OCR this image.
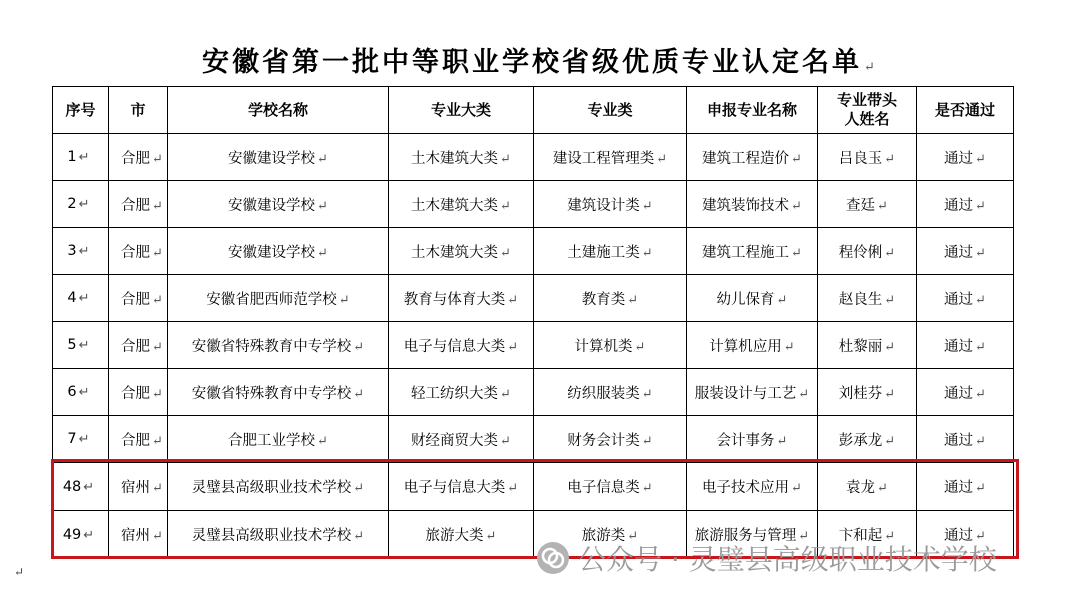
安徽省第一批中等职业学校省级优质专业认定名单 ↵
序号	市	学校名称	专业大类	专业类	申报专业名称	专业带头人姓名	是否通过
1 ↵	合肥 ↵	安徽建设学校 ↵	土木建筑大类 ↵	建设工程管理类 ↵	建筑工程造价 ↵	吕良玉 ↵	通过 ↵
2 ↵	合肥 ↵	安徽建设学校 ↵	土木建筑大类 ↵	建筑设计类 ↵	建筑装饰技术 ↵	查廷 ↵	通过 ↵
3 ↵	合肥 ↵	安徽建设学校 ↵	土木建筑大类 ↵	土建施工类 ↵	建筑工程施工 ↵	程伶俐 ↵	通过 ↵
4 ↵	合肥 ↵	安徽省肥西师范学校 ↵	教育与体育大类 ↵	教育类 ↵	幼儿保育 ↵	赵良生 ↵	通过 ↵
5 ↵	合肥 ↵	安徽省特殊教育中专学校 ↵	电子与信息大类 ↵	计算机类 ↵	计算机应用 ↵	杜黎丽 ↵	通过 ↵
6 ↵	合肥 ↵	安徽省特殊教育中专学校 ↵	轻工纺织大类 ↵	纺织服装类 ↵	服装设计与工艺 ↵	刘桂芬 ↵	通过 ↵
7 ↵	合肥 ↵	合肥工业学校 ↵	财经商贸大类 ↵	财务会计类 ↵	会计事务 ↵	彭承龙 ↵	通过 ↵
48 ↵	宿州 ↵	灵璧县高级职业技术学校 ↵	电子与信息大类 ↵	电子信息类 ↵	电子技术应用 ↵	袁龙 ↵	通过 ↵
49 ↵	宿州 ↵	灵璧县高级职业技术学校 ↵	旅游大类 ↵	旅游类 ↵	旅游服务与管理 ↵	卞和起 ↵	通过 ↵
公众号 · 灵璧县高级职业技术学校
↵
